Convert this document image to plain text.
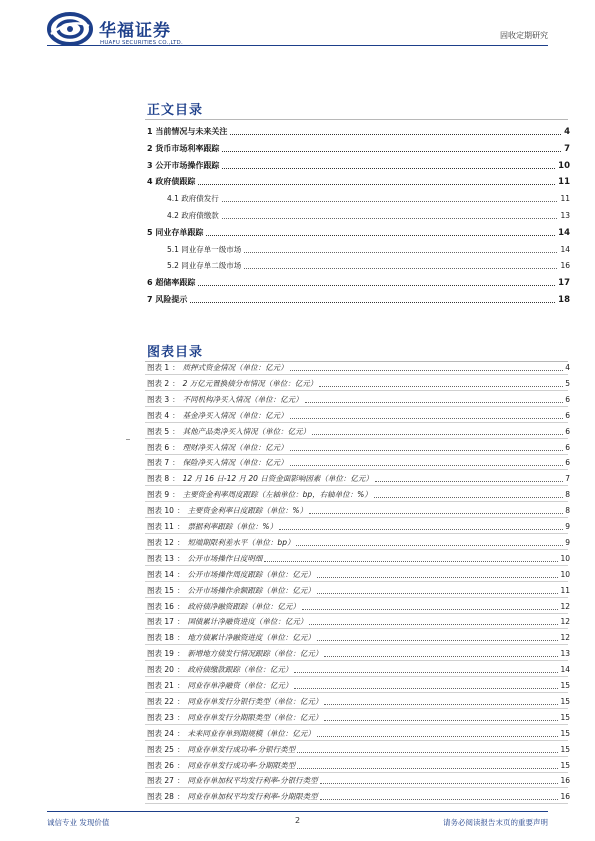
华福证券
HUAFU SECURITIES CO.,LTD.
固收定期研究
正文目录
1 当前情况与未来关注	4
2 货币市场利率跟踪	7
3 公开市场操作跟踪	10
4 政府债跟踪	11
4.1 政府债发行	11
4.2 政府债缴款	13
5 同业存单跟踪	14
5.1 同业存单一级市场	14
5.2 同业存单二级市场	16
6 超储率跟踪	17
7 风险提示	18
图表目录
图表 1 ： 质押式资金情况（单位：亿元）	4
图表 2 ： 2 万亿元置换债分布情况（单位：亿元）	5
图表 3 ： 不同机构净买入情况（单位：亿元）	6
图表 4 ： 基金净买入情况（单位：亿元）	6
图表 5 ： 其他产品类净买入情况（单位：亿元）	6
图表 6 ： 理财净买入情况（单位：亿元）	6
图表 7 ： 保险净买入情况（单位：亿元）	6
图表 8 ： 12 月 16 日-12 月 20 日资金面影响因素（单位：亿元）	7
图表 9 ： 主要资金利率周度跟踪（左轴单位：bp，右轴单位：%）	8
图表 10 ： 主要资金利率日度跟踪（单位：%）	8
图表 11 ： 票据利率跟踪（单位：%）	9
图表 12 ： 短端期限利差水平（单位：bp）	9
图表 13 ： 公开市场操作日度明细	10
图表 14 ： 公开市场操作周度跟踪（单位：亿元）	10
图表 15 ： 公开市场操作余额跟踪（单位：亿元）	11
图表 16 ： 政府债净融资跟踪（单位：亿元）	12
图表 17 ： 国债累计净融资进度（单位：亿元）	12
图表 18 ： 地方债累计净融资进度（单位：亿元）	12
图表 19 ： 新增地方债发行情况跟踪（单位：亿元）	13
图表 20 ： 政府债缴款跟踪（单位：亿元）	14
图表 21 ： 同业存单净融资（单位：亿元）	15
图表 22 ： 同业存单发行分银行类型（单位：亿元）	15
图表 23 ： 同业存单发行分期限类型（单位：亿元）	15
图表 24 ： 未来同业存单到期规模（单位：亿元）	15
图表 25 ： 同业存单发行成功率-分银行类型	15
图表 26 ： 同业存单发行成功率-分期限类型	15
图表 27 ： 同业存单加权平均发行利率-分银行类型	16
图表 28 ： 同业存单加权平均发行利率-分期限类型	16
诚信专业 发现价值	2	请务必阅读报告末页的重要声明
